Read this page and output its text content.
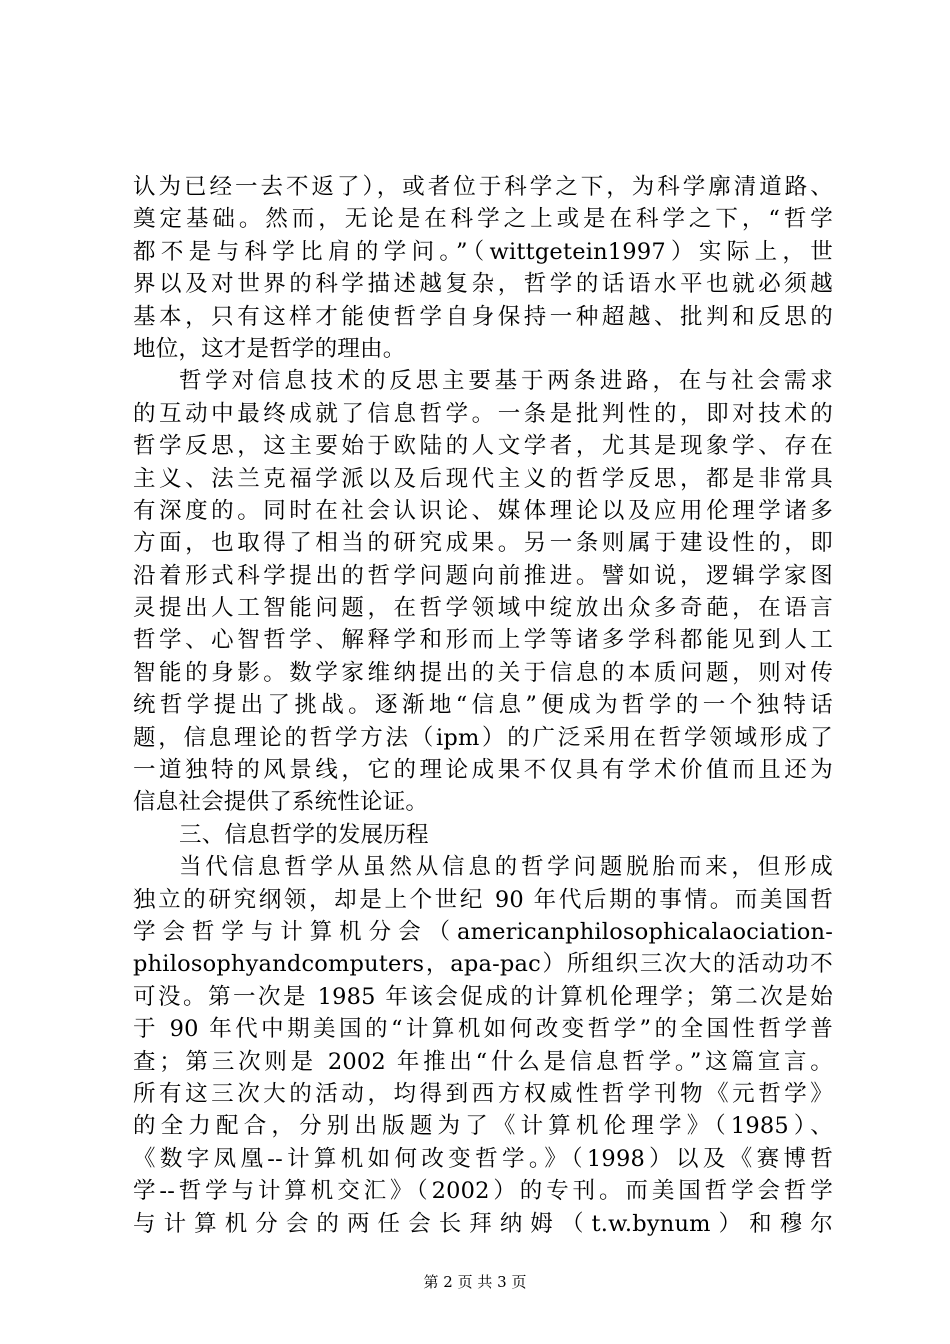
认为已经一去不返了），或者位于科学之下，为科学廓清道路、
奠定基础。然而，无论是在科学之上或是在科学之下，“哲学
都不是与科学比肩的学问。”（wittgetein1997）实际上，世
界以及对世界的科学描述越复杂，哲学的话语水平也就必须越
基本，只有这样才能使哲学自身保持一种超越、批判和反思的
地位，这才是哲学的理由。
哲学对信息技术的反思主要基于两条进路，在与社会需求
的互动中最终成就了信息哲学。一条是批判性的，即对技术的
哲学反思，这主要始于欧陆的人文学者，尤其是现象学、存在
主义、法兰克福学派以及后现代主义的哲学反思，都是非常具
有深度的。同时在社会认识论、媒体理论以及应用伦理学诸多
方面，也取得了相当的研究成果。另一条则属于建设性的，即
沿着形式科学提出的哲学问题向前推进。譬如说，逻辑学家图
灵提出人工智能问题，在哲学领域中绽放出众多奇葩，在语言
哲学、心智哲学、解释学和形而上学等诸多学科都能见到人工
智能的身影。数学家维纳提出的关于信息的本质问题，则对传
统哲学提出了挑战。逐渐地“信息”便成为哲学的一个独特话
题，信息理论的哲学方法（ipm）的广泛采用在哲学领域形成了
一道独特的风景线，它的理论成果不仅具有学术价值而且还为
信息社会提供了系统性论证。
三、信息哲学的发展历程
当代信息哲学从虽然从信息的哲学问题脱胎而来，但形成
独立的研究纲领，却是上个世纪 90 年代后期的事情。而美国哲
学会哲学与计算机分会（americanphilosophicalaociation-
philosophyandcomputers，apa-pac）所组织三次大的活动功不
可没。第一次是 1985 年该会促成的计算机伦理学；第二次是始
于 90 年代中期美国的“计算机如何改变哲学”的全国性哲学普
查；第三次则是 2002 年推出“什么是信息哲学。”这篇宣言。
所有这三次大的活动，均得到西方权威性哲学刊物《元哲学》
的全力配合，分别出版题为了《计算机伦理学》（1985）、
《数字凤凰--计算机如何改变哲学。》（1998）以及《赛博哲
学--哲学与计算机交汇》（2002）的专刊。而美国哲学会哲学
与计算机分会的两任会长拜纳姆（t.w.bynum）和穆尔
第 2 页 共 3 页
